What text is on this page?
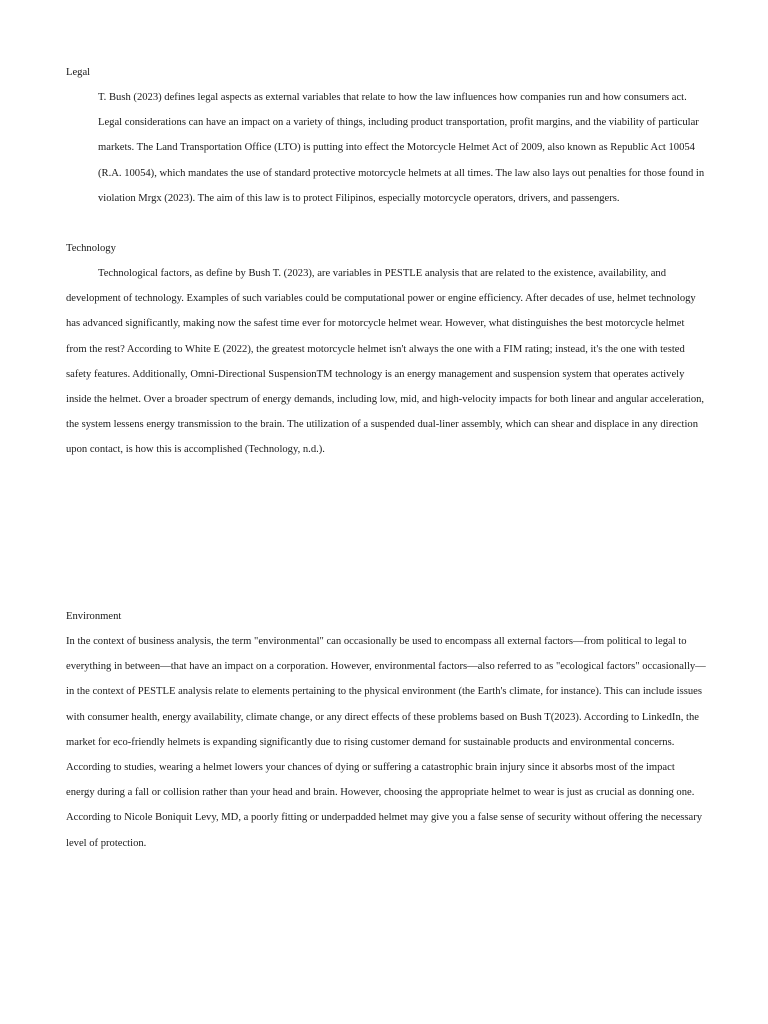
Legal

T. Bush (2023) defines legal aspects as external variables that relate to how the law influences how companies run and how consumers act. Legal considerations can have an impact on a variety of things, including product transportation, profit margins, and the viability of particular markets. The Land Transportation Office (LTO) is putting into effect the Motorcycle Helmet Act of 2009, also known as Republic Act 10054 (R.A. 10054), which mandates the use of standard protective motorcycle helmets at all times. The law also lays out penalties for those found in violation Mrgx (2023). The aim of this law is to protect Filipinos, especially motorcycle operators, drivers, and passengers.

Technology

Technological factors, as define by Bush T. (2023), are variables in PESTLE analysis that are related to the existence, availability, and development of technology. Examples of such variables could be computational power or engine efficiency. After decades of use, helmet technology has advanced significantly, making now the safest time ever for motorcycle helmet wear. However, what distinguishes the best motorcycle helmet from the rest? According to White E (2022), the greatest motorcycle helmet isn't always the one with a FIM rating; instead, it's the one with tested safety features. Additionally, Omni-Directional SuspensionTM technology is an energy management and suspension system that operates actively inside the helmet. Over a broader spectrum of energy demands, including low, mid, and high-velocity impacts for both linear and angular acceleration, the system lessens energy transmission to the brain. The utilization of a suspended dual-liner assembly, which can shear and displace in any direction upon contact, is how this is accomplished (Technology, n.d.).

Environment

In the context of business analysis, the term "environmental" can occasionally be used to encompass all external factors—from political to legal to everything in between—that have an impact on a corporation. However, environmental factors—also referred to as "ecological factors" occasionally—in the context of PESTLE analysis relate to elements pertaining to the physical environment (the Earth's climate, for instance). This can include issues with consumer health, energy availability, climate change, or any direct effects of these problems based on Bush T(2023). According to LinkedIn, the market for eco-friendly helmets is expanding significantly due to rising customer demand for sustainable products and environmental concerns. According to studies, wearing a helmet lowers your chances of dying or suffering a catastrophic brain injury since it absorbs most of the impact energy during a fall or collision rather than your head and brain. However, choosing the appropriate helmet to wear is just as crucial as donning one. According to Nicole Boniquit Levy, MD, a poorly fitting or underpadded helmet may give you a false sense of security without offering the necessary level of protection.
